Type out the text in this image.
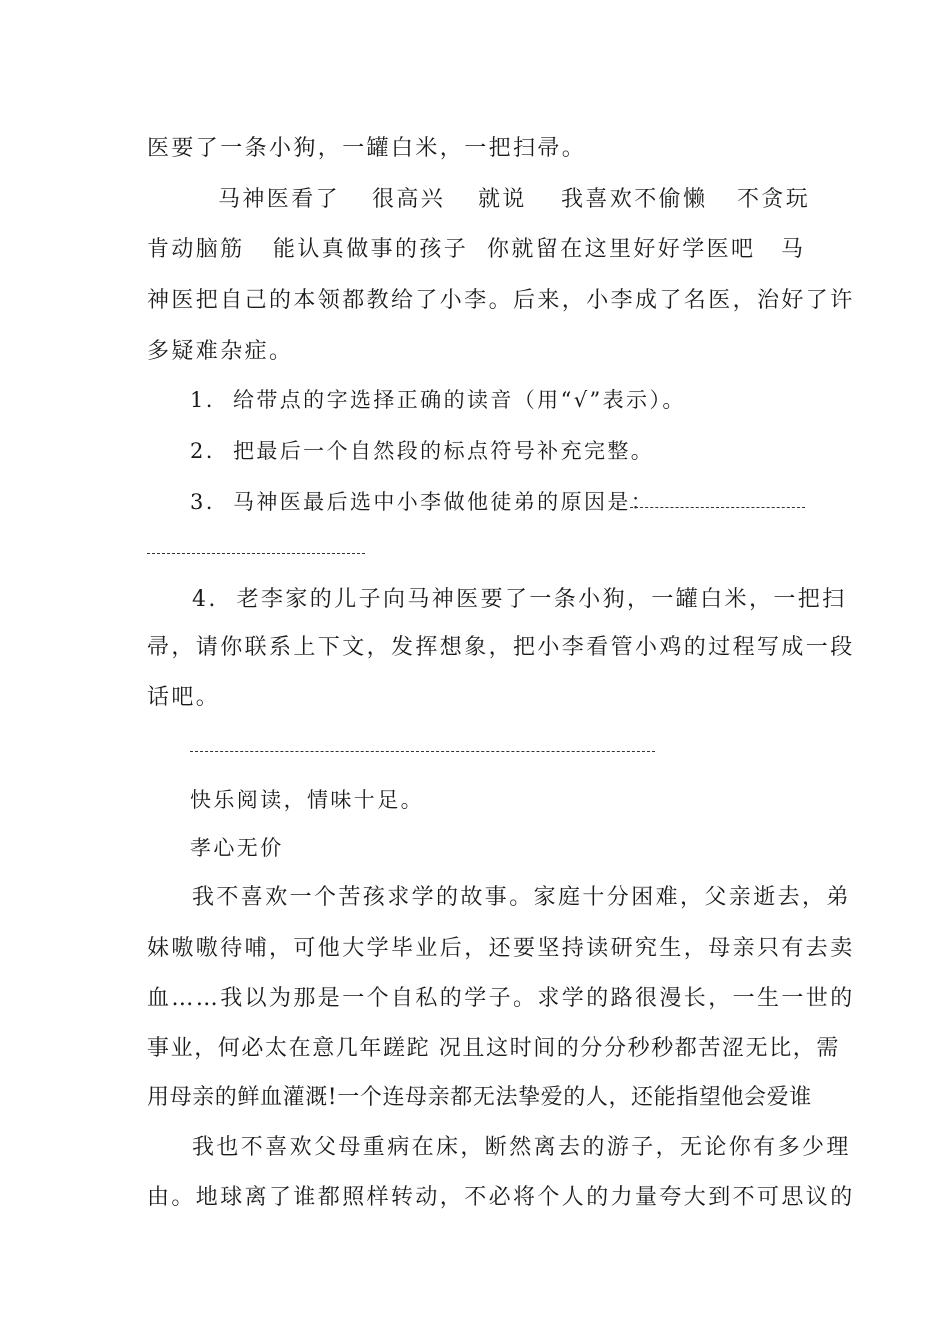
医要了一条小狗，一罐白米，一把扫帚。
马神医看了 很高兴 就说 我喜欢不偷懒 不贪玩
肯动脑筋 能认真做事的孩子 你就留在这里好好学医吧 马
神医把自己的本领都教给了小李。后来，小李成了名医，治好了许
多疑难杂症。
1.  给带点的字选择正确的读音（用“√”表示）。
2.  把最后一个自然段的标点符号补充完整。
3.  马神医最后选中小李做他徒弟的原因是：
4.  老李家的儿子向马神医要了一条小狗，一罐白米，一把扫
帚，请你联系上下文，发挥想象，把小李看管小鸡的过程写成一段
话吧。
快乐阅读，情味十足。
孝心无价
我不喜欢一个苦孩求学的故事。家庭十分困难，父亲逝去，弟
妹嗷嗷待哺，可他大学毕业后，还要坚持读研究生，母亲只有去卖
血……我以为那是一个自私的学子。求学的路很漫长，一生一世的
事业，何必太在意几年蹉跎 况且这时间的分分秒秒都苦涩无比，需
用母亲的鲜血灌溉!一个连母亲都无法挚爱的人，还能指望他会爱谁
我也不喜欢父母重病在床，断然离去的游子，无论你有多少理
由。地球离了谁都照样转动，不必将个人的力量夸大到不可思议的
